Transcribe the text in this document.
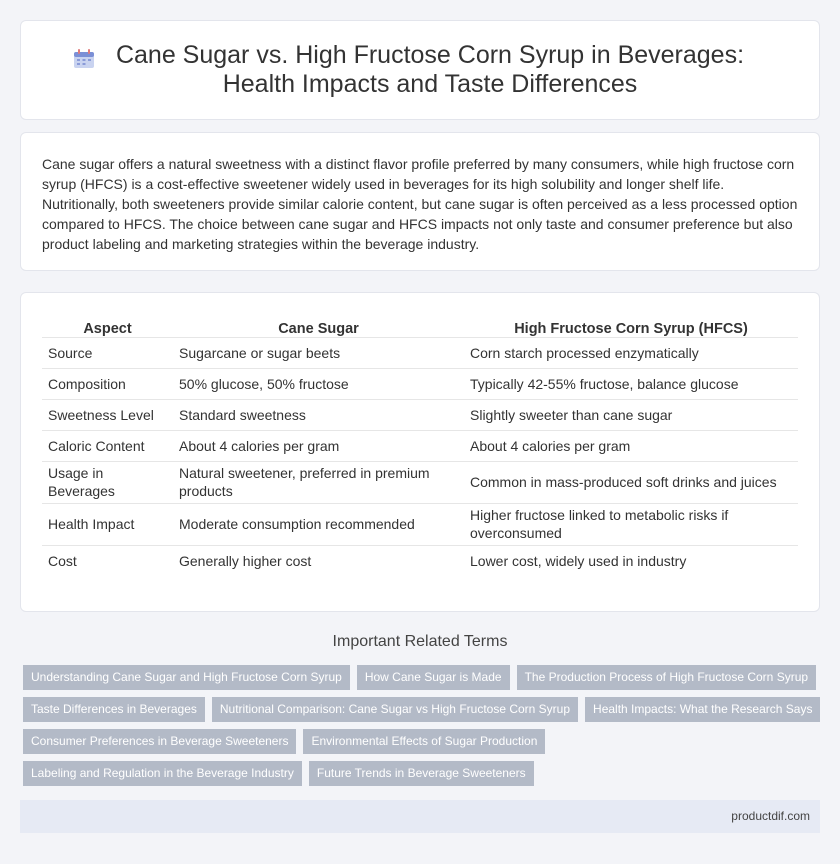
Cane Sugar vs. High Fructose Corn Syrup in Beverages: Health Impacts and Taste Differences

Cane sugar offers a natural sweetness with a distinct flavor profile preferred by many consumers, while high fructose corn syrup (HFCS) is a cost-effective sweetener widely used in beverages for its high solubility and longer shelf life. Nutritionally, both sweeteners provide similar calorie content, but cane sugar is often perceived as a less processed option compared to HFCS. The choice between cane sugar and HFCS impacts not only taste and consumer preference but also product labeling and marketing strategies within the beverage industry.

Aspect	Cane Sugar	High Fructose Corn Syrup (HFCS)
Source	Sugarcane or sugar beets	Corn starch processed enzymatically
Composition	50% glucose, 50% fructose	Typically 42-55% fructose, balance glucose
Sweetness Level	Standard sweetness	Slightly sweeter than cane sugar
Caloric Content	About 4 calories per gram	About 4 calories per gram
Usage in Beverages	Natural sweetener, preferred in premium products	Common in mass-produced soft drinks and juices
Health Impact	Moderate consumption recommended	Higher fructose linked to metabolic risks if overconsumed
Cost	Generally higher cost	Lower cost, widely used in industry
Important Related Terms
Understanding Cane Sugar and High Fructose Corn Syrup	How Cane Sugar is Made	The Production Process of High Fructose Corn Syrup
Taste Differences in Beverages	Nutritional Comparison: Cane Sugar vs High Fructose Corn Syrup	Health Impacts: What the Research Says
Consumer Preferences in Beverage Sweeteners	Environmental Effects of Sugar Production
Labeling and Regulation in the Beverage Industry	Future Trends in Beverage Sweeteners
productdif.com
